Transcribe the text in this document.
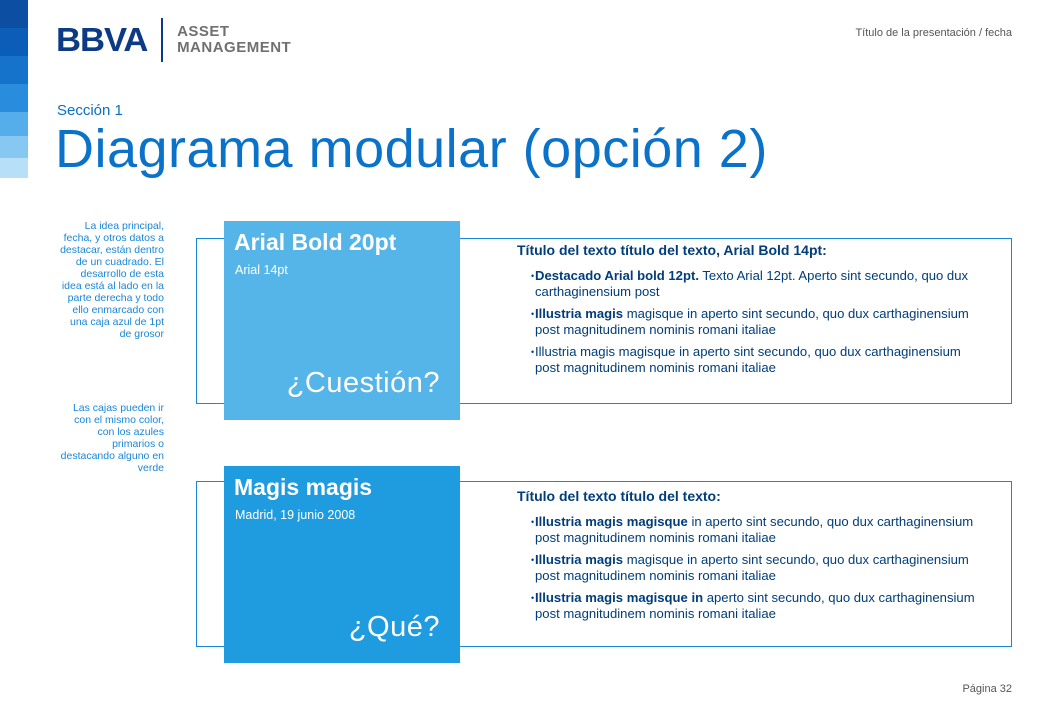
BBVA ASSET
MANAGEMENT
Título de la presentación / fecha
Sección 1
Diagrama modular (opción 2)
La idea principal, fecha, y otros datos a destacar, están dentro de un cuadrado. El desarrollo de esta idea está al lado en la parte derecha y todo ello enmarcado con una caja azul de 1pt de grosor
Las cajas pueden ir con el mismo color, con los azules primarios o destacando alguno en verde
Arial Bold 20pt
Arial 14pt
¿Cuestión?
Título del texto título del texto, Arial Bold 14pt:
• Destacado Arial bold 12pt. Texto Arial 12pt. Aperto sint secundo, quo dux carthaginensium post
• Illustria magis magisque in aperto sint secundo, quo dux carthaginensium post magnitudinem nominis romani italiae
• Illustria magis magisque in aperto sint secundo, quo dux carthaginensium post magnitudinem nominis romani italiae
Magis magis
Madrid, 19 junio 2008
¿Qué?
Título del texto título del texto:
• Illustria magis magisque in aperto sint secundo, quo dux carthaginensium post magnitudinem nominis romani italiae
• Illustria magis magisque in aperto sint secundo, quo dux carthaginensium post magnitudinem nominis romani italiae
• Illustria magis magisque in aperto sint secundo, quo dux carthaginensium post magnitudinem nominis romani italiae
Página 32
